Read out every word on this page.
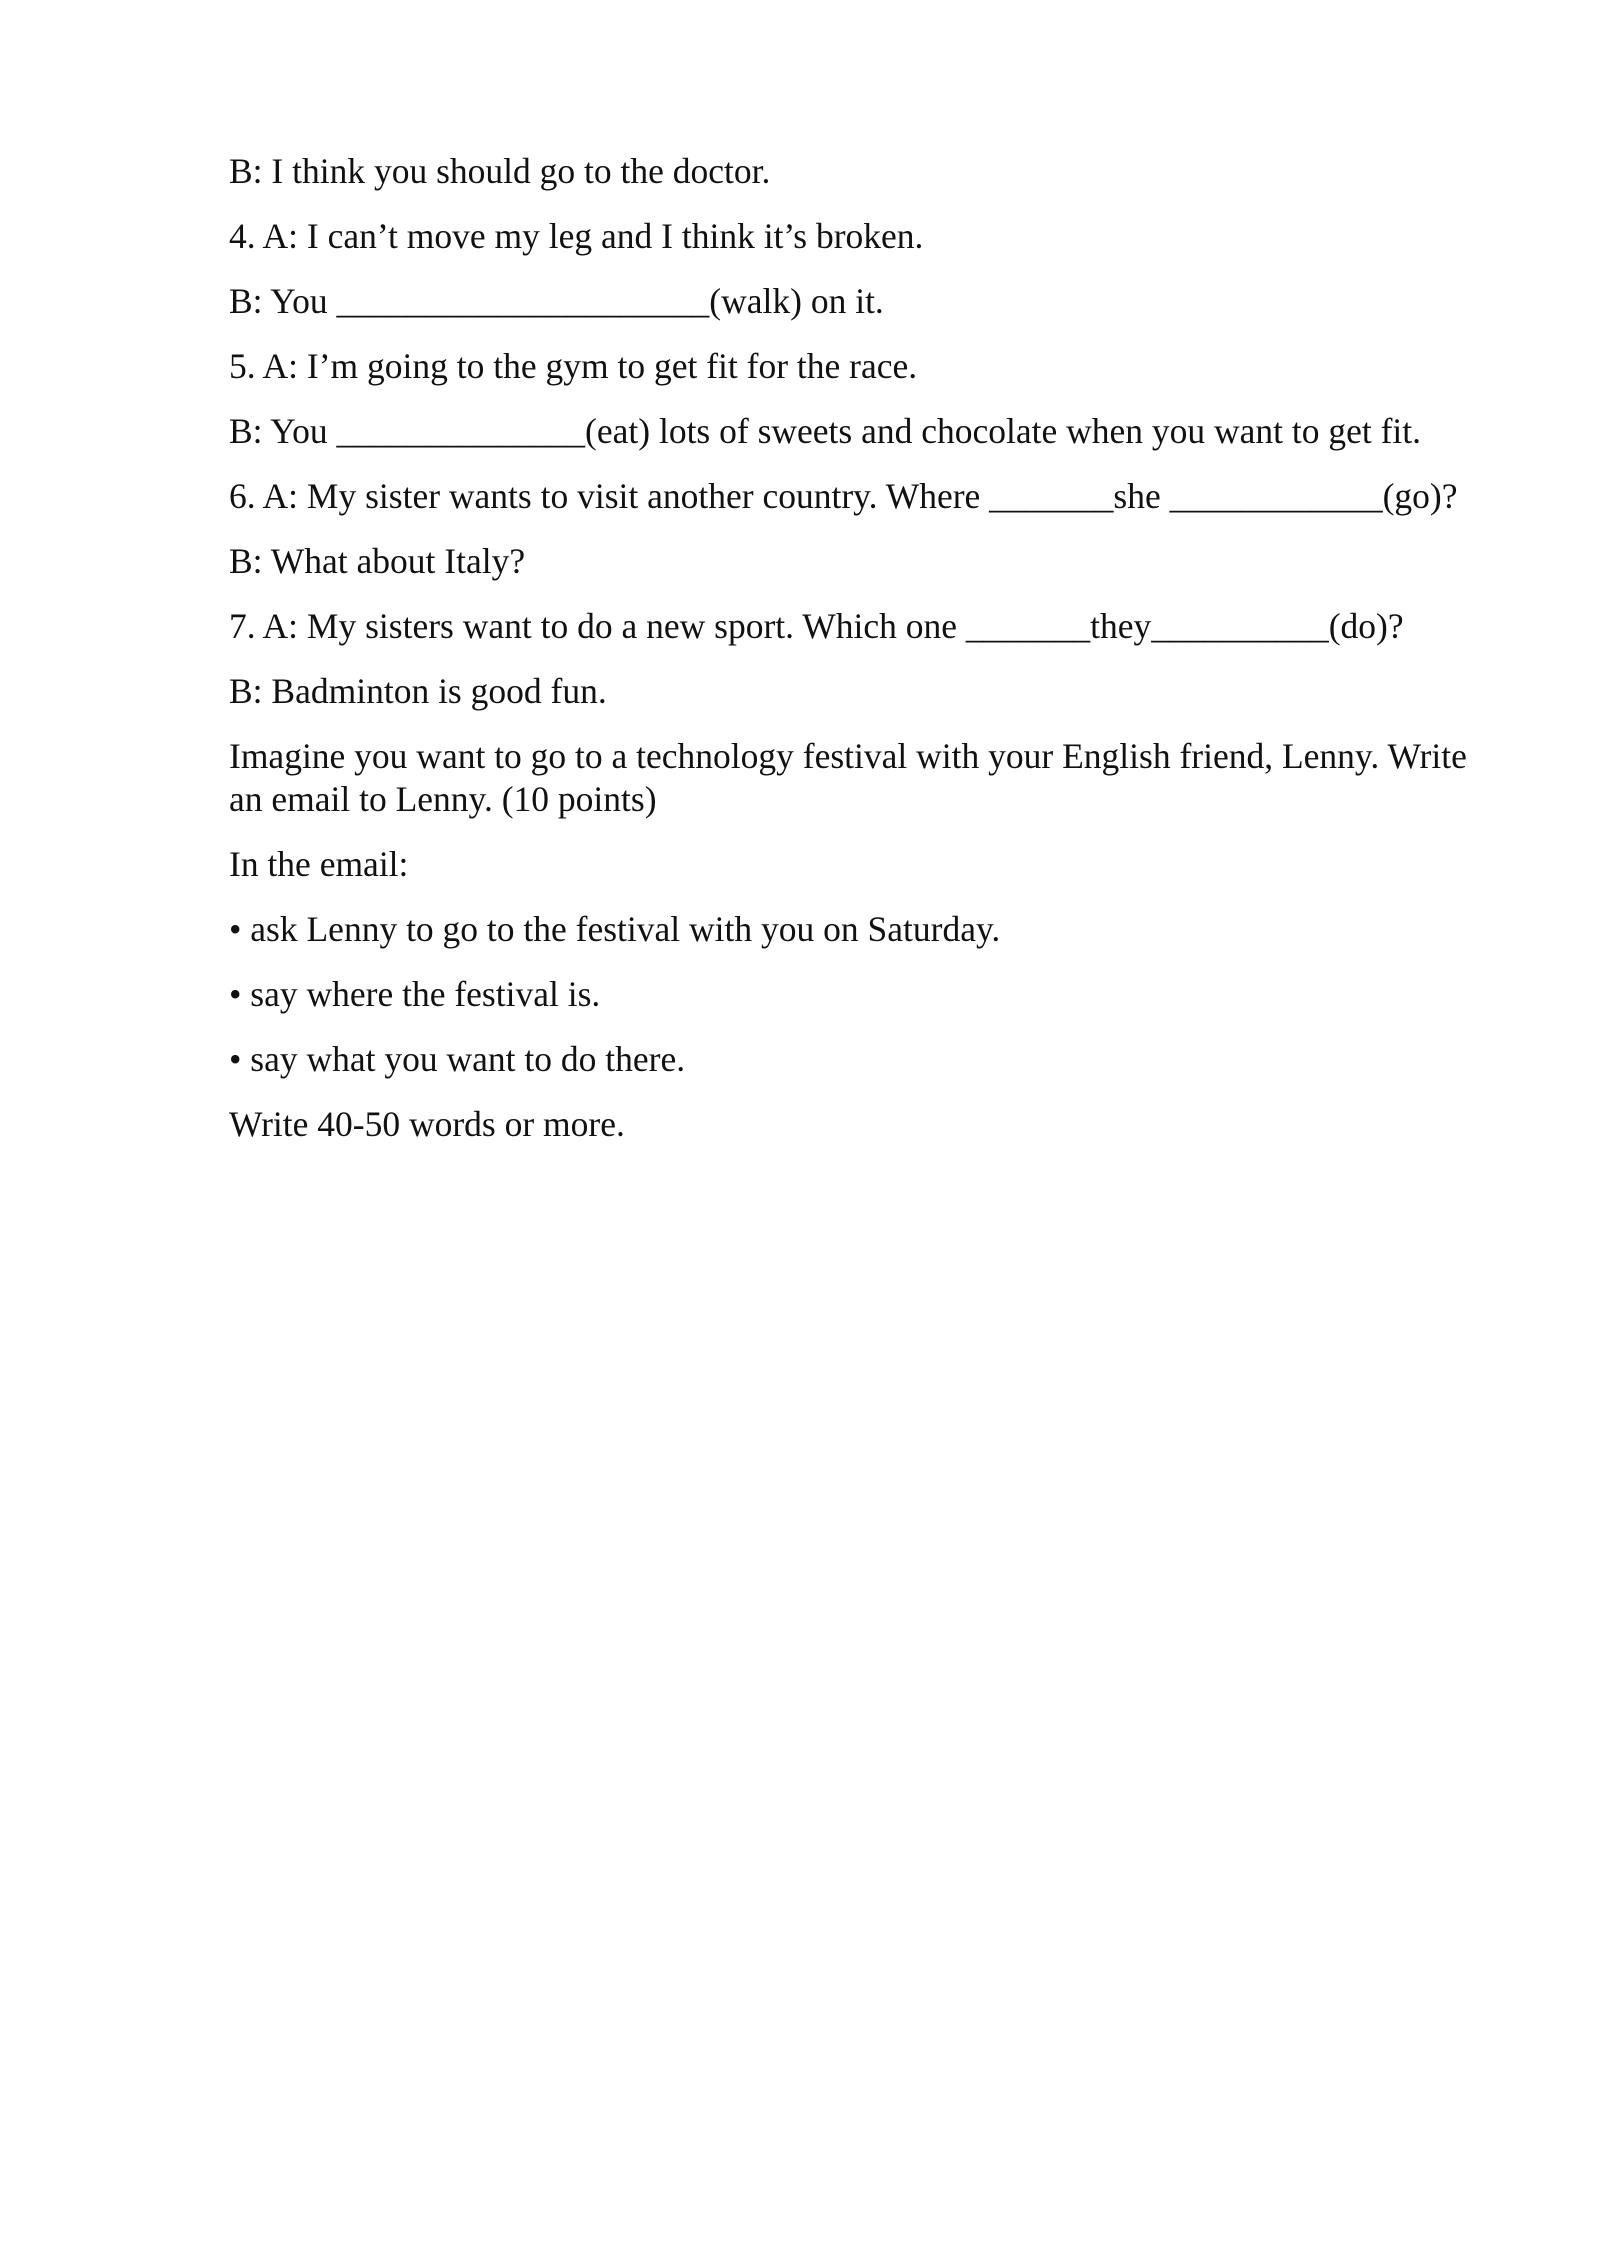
B: I think you should go to the doctor.

4. A: I can’t move my leg and I think it’s broken.

B: You _____________________(walk) on it.

5. A: I’m going to the gym to get fit for the race.

B: You ______________(eat) lots of sweets and chocolate when you want to get fit.

6. A: My sister wants to visit another country. Where _______she ____________(go)?

B: What about Italy?

7. A: My sisters want to do a new sport. Which one _______they__________(do)?

B: Badminton is good fun.

Imagine you want to go to a technology festival with your English friend, Lenny. Write an email to Lenny. (10 points)

In the email:

• ask Lenny to go to the festival with you on Saturday.

• say where the festival is.

• say what you want to do there.

Write 40-50 words or more.
